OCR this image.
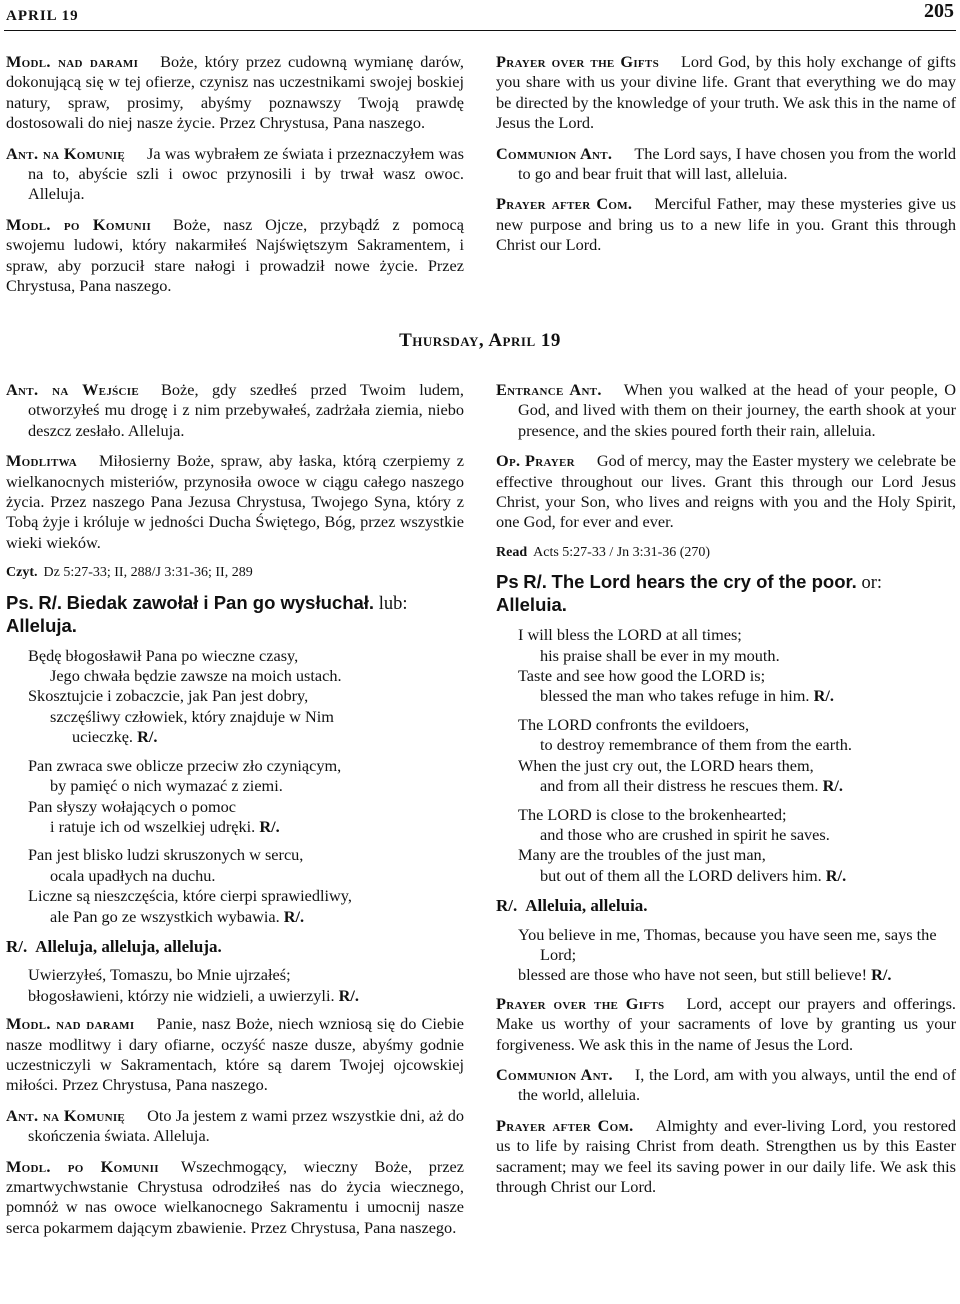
APRIL 19	205

Modl. nad darami Boże, który przez cudowną wymianę darów, dokonującą się w tej ofierze, czynisz nas uczestnikami swojej boskiej natury, spraw, prosimy, abyśmy poznawszy Twoją prawdę dostosowali do niej nasze życie. Przez Chrystusa, Pana naszego.

Ant. na Komunię Ja was wybrałem ze świata i przeznaczyłem was na to, abyście szli i owoc przynosili i by trwał wasz owoc. Alleluja.

Modl. po Komunii Boże, nasz Ojcze, przybądź z pomocą swojemu ludowi, który nakarmiłeś Najświętszym Sakramentem, i spraw, aby porzucił stare nałogi i prowadził nowe życie. Przez Chrystusa, Pana naszego.

Prayer over the Gifts Lord God, by this holy exchange of gifts you share with us your divine life. Grant that everything we do may be directed by the knowledge of your truth. We ask this in the name of Jesus the Lord.

Communion Ant. The Lord says, I have chosen you from the world to go and bear fruit that will last, alleluia.

Prayer after Com. Merciful Father, may these mysteries give us new purpose and bring us to a new life in you. Grant this through Christ our Lord.

Thursday, April 19

Ant. na Wejście Boże, gdy szedłeś przed Twoim ludem, otworzyłeś mu drogę i z nim przebywałeś, zadrżała ziemia, niebo deszcz zesłało. Alleluja.

Modlitwa Miłosierny Boże, spraw, aby łaska, którą czerpiemy z wielkanocnych misteriów, przynosiła owoce w ciągu całego naszego życia. Przez naszego Pana Jezusa Chrystusa, Twojego Syna, który z Tobą żyje i króluje w jedności Ducha Świętego, Bóg, przez wszystkie wieki wieków.

Czyt. Dz 5:27-33; II, 288/J 3:31-36; II, 289

Ps. R/. Biedak zawołał i Pan go wysłuchał. lub: Alleluja.

Będę błogosławił Pana po wieczne czasy,
Jego chwała będzie zawsze na moich ustach.
Skosztujcie i zobaczcie, jak Pan jest dobry,
szczęśliwy człowiek, który znajduje w Nim
ucieczkę. R/.
Pan zwraca swe oblicze przeciw zło czyniącym,
by pamięć o nich wymazać z ziemi.
Pan słyszy wołających o pomoc
i ratuje ich od wszelkiej udręki. R/.
Pan jest blisko ludzi skruszonych w sercu,
ocala upadłych na duchu.
Liczne są nieszczęścia, które cierpi sprawiedliwy,
ale Pan go ze wszystkich wybawia. R/.

R/. Alleluja, alleluja, alleluja.

Uwierzyłeś, Tomaszu, bo Mnie ujrzałeś;
błogosławieni, którzy nie widzieli, a uwierzyli. R/.

Modl. nad darami Panie, nasz Boże, niech wzniosą się do Ciebie nasze modlitwy i dary ofiarne, oczyść nasze dusze, abyśmy godnie uczestniczyli w Sakramentach, które są darem Twojej ojcowskiej miłości. Przez Chrystusa, Pana naszego.

Ant. na Komunię Oto Ja jestem z wami przez wszystkie dni, aż do skończenia świata. Alleluja.

Modl. po Komunii Wszechmogący, wieczny Boże, przez zmartwychwstanie Chrystusa odrodziłeś nas do życia wiecznego, pomnóż w nas owoce wielkanocnego Sakramentu i umocnij nasze serca pokarmem dającym zbawienie. Przez Chrystusa, Pana naszego.

Entrance Ant. When you walked at the head of your people, O God, and lived with them on their journey, the earth shook at your presence, and the skies poured forth their rain, alleluia.

Op. Prayer God of mercy, may the Easter mystery we celebrate be effective throughout our lives. Grant this through our Lord Jesus Christ, your Son, who lives and reigns with you and the Holy Spirit, one God, for ever and ever.

Read Acts 5:27-33 / Jn 3:31-36 (270)

Ps R/. The Lord hears the cry of the poor. or: Alleluia.

I will bless the LORD at all times;
his praise shall be ever in my mouth.
Taste and see how good the LORD is;
blessed the man who takes refuge in him. R/.
The LORD confronts the evildoers,
to destroy remembrance of them from the earth.
When the just cry out, the LORD hears them,
and from all their distress he rescues them. R/.
The LORD is close to the brokenhearted;
and those who are crushed in spirit he saves.
Many are the troubles of the just man,
but out of them all the LORD delivers him. R/.

R/. Alleluia, alleluia.

You believe in me, Thomas, because you have seen me, says the Lord;
blessed are those who have not seen, but still believe! R/.

Prayer over the Gifts Lord, accept our prayers and offerings. Make us worthy of your sacraments of love by granting us your forgiveness. We ask this in the name of Jesus the Lord.

Communion Ant. I, the Lord, am with you always, until the end of the world, alleluia.

Prayer after Com. Almighty and ever-living Lord, you restored us to life by raising Christ from death. Strengthen us by this Easter sacrament; may we feel its saving power in our daily life. We ask this through Christ our Lord.
